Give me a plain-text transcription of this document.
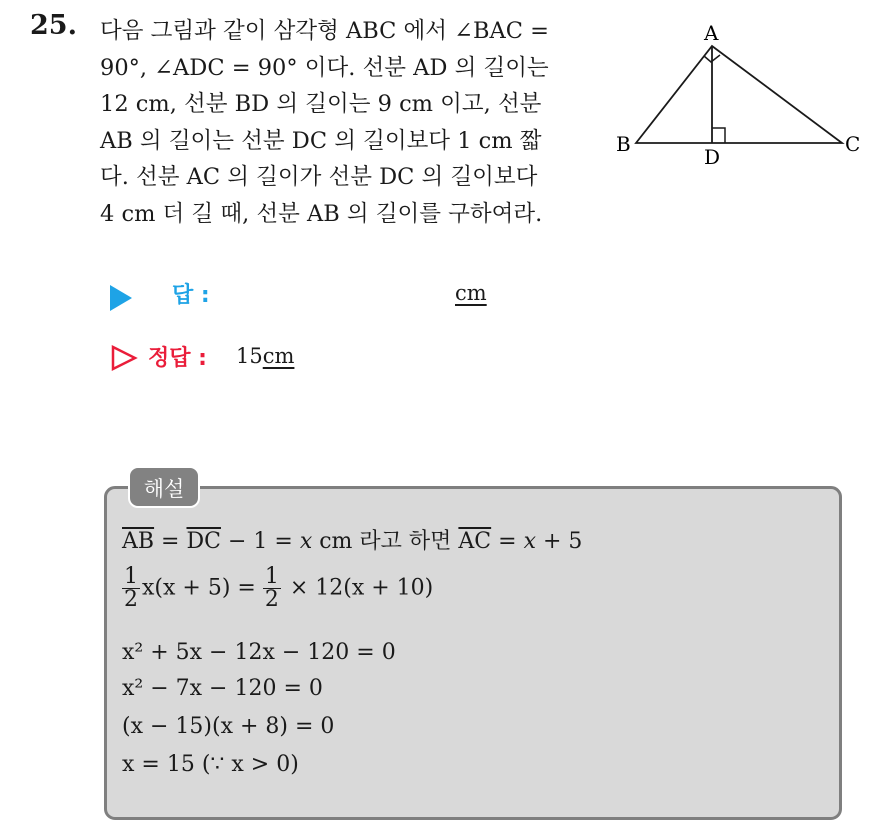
25. 다음 그림과 같이 삼각형 ABC 에서 ∠BAC =
90°, ∠ADC = 90° 이다. 선분 AD 의 길이는
12 cm, 선분 BD 의 길이는 9 cm 이고, 선분
AB 의 길이는 선분 DC 의 길이보다 1 cm 짧
다. 선분 AC 의 길이가 선분 DC 의 길이보다
4 cm 더 길 때, 선분 AB 의 길이를 구하여라.
A
B	C
D
답 :	cm
정답 : 15cm
해설
$\overline{AB} = \overline{DC} - 1 = x$ cm 라고 하면 $\overline{AC} = x + 5$
$\frac{1}{2} x(x + 5) = \frac{1}{2} \times 12(x + 10)$
x² + 5x − 12x − 120 = 0
x² − 7x − 120 = 0
(x − 15)(x + 8) = 0
x = 15 (∵ x > 0)
